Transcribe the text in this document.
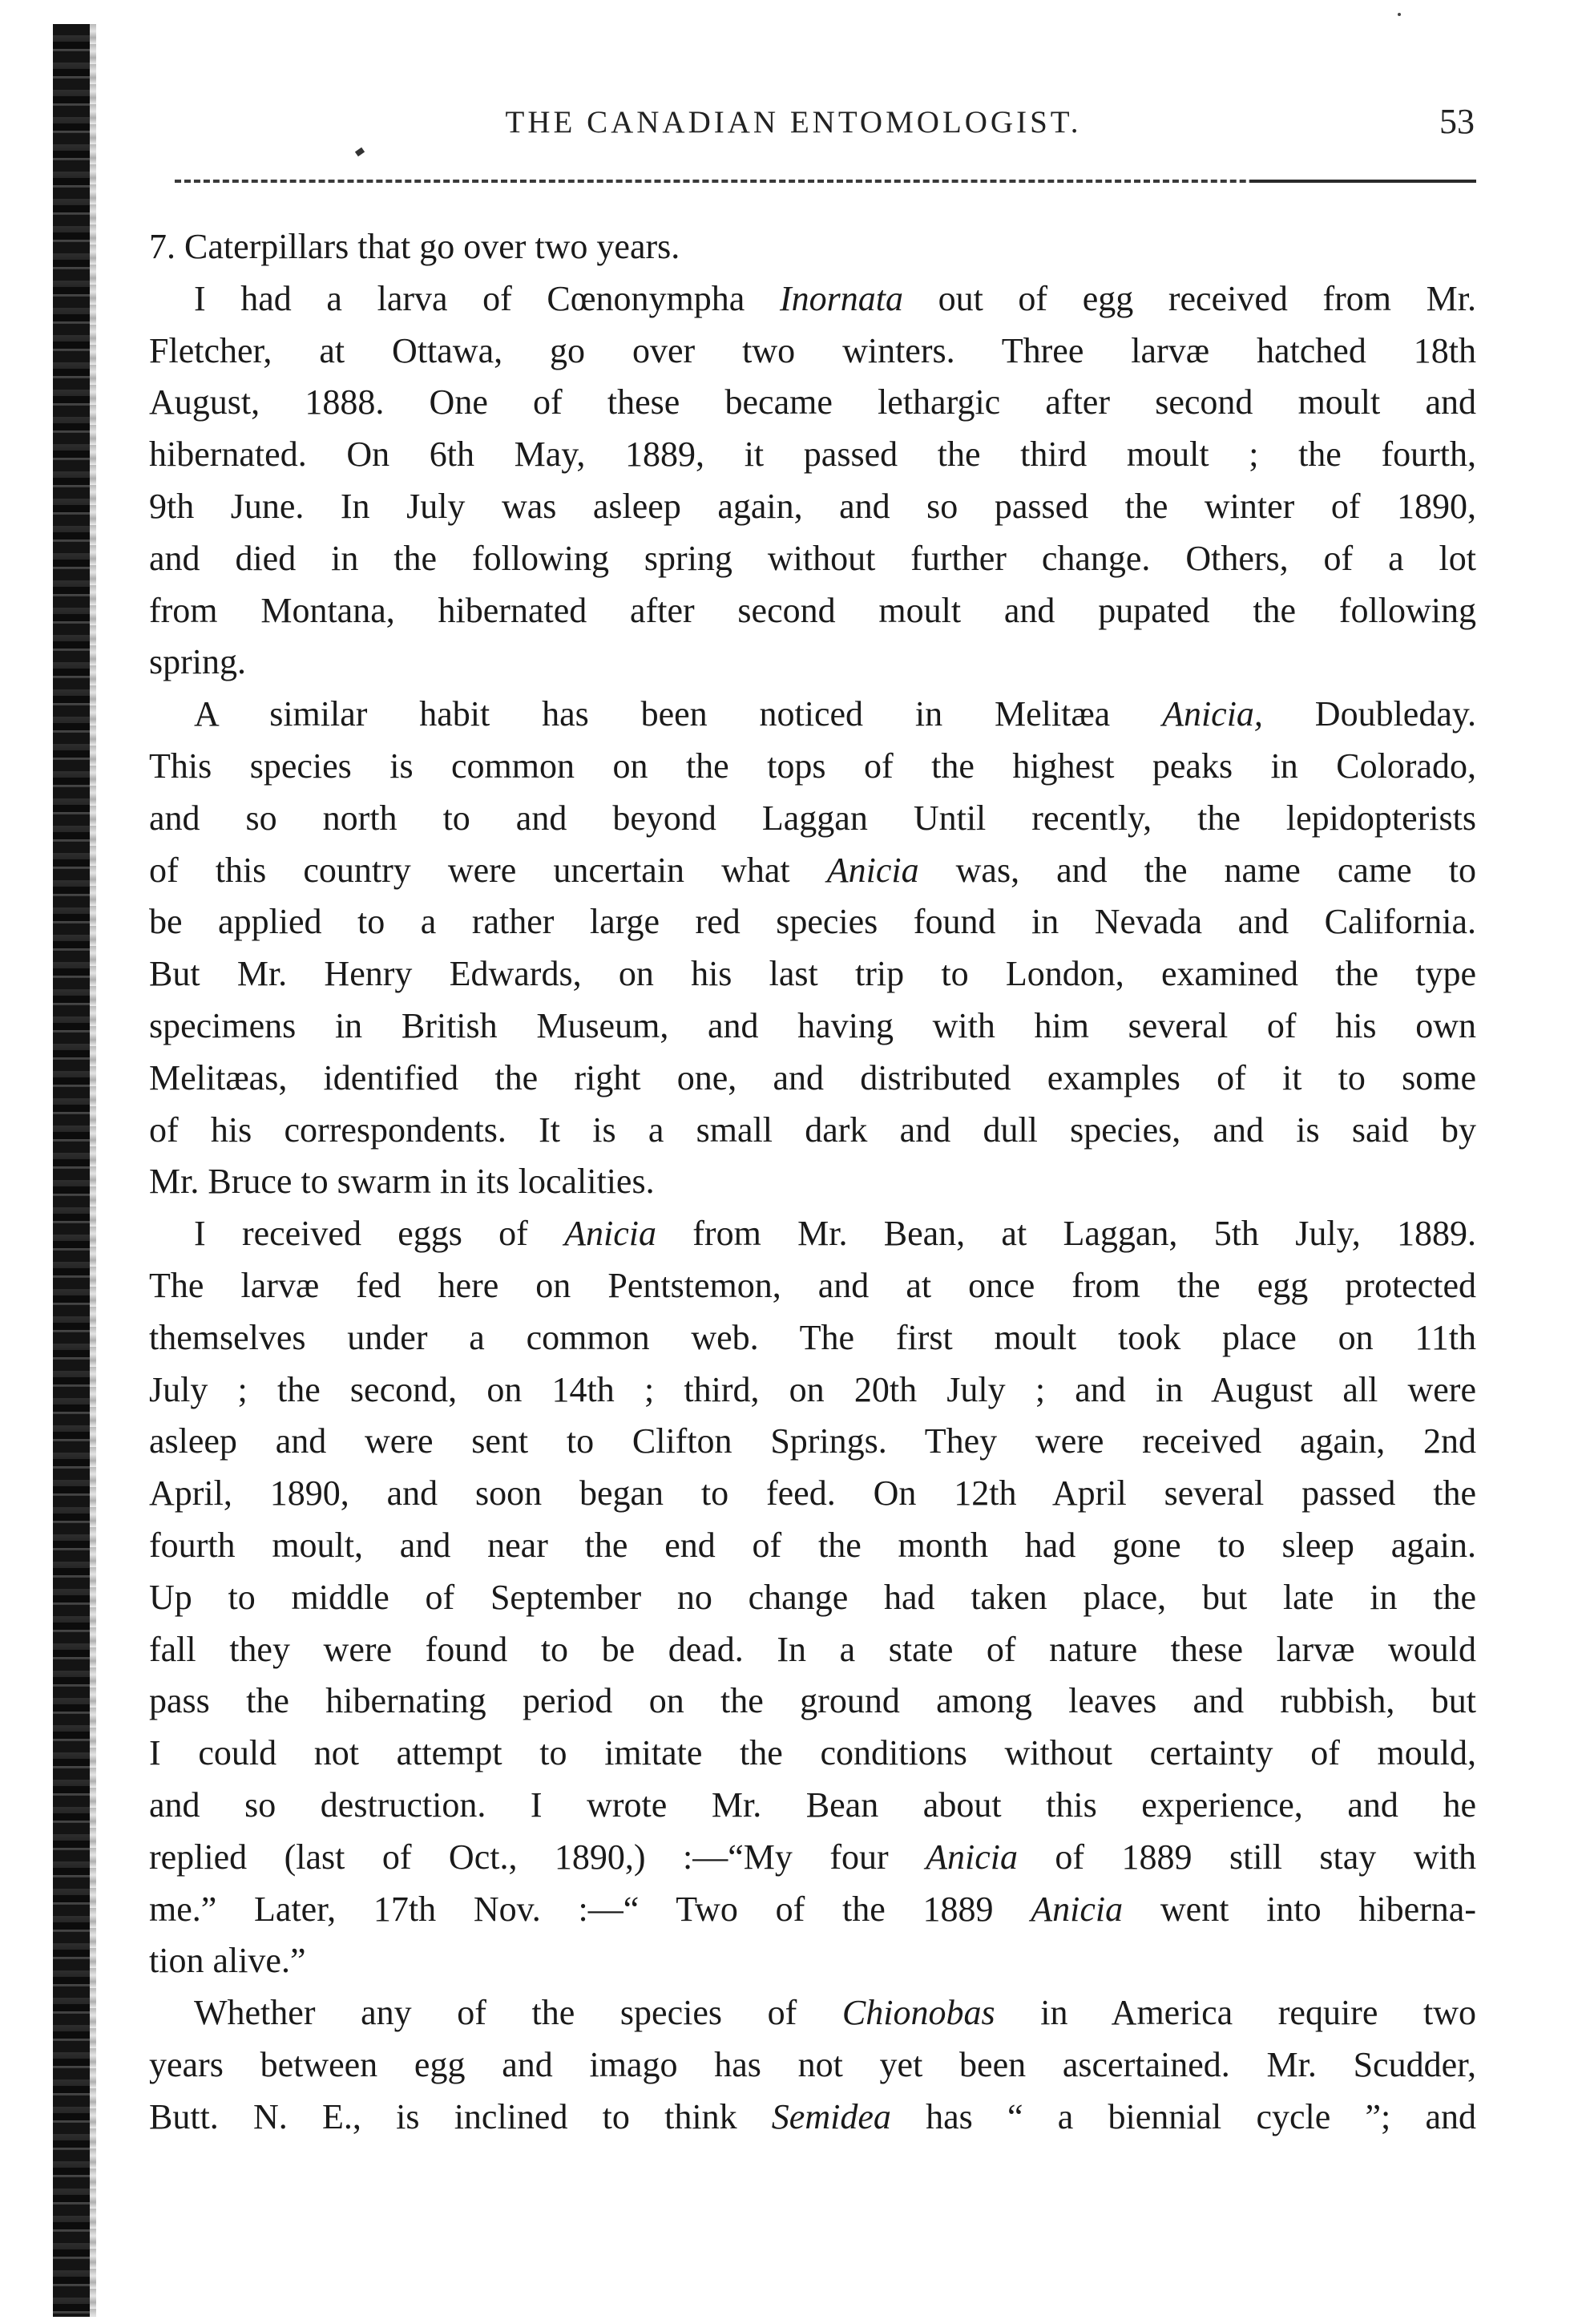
THE CANADIAN ENTOMOLOGIST.	53
7. Caterpillars that go over two years.
I had a larva of Cœnonympha Inornata out of egg received from Mr.
Fletcher, at Ottawa, go over two winters. Three larvæ hatched 18th
August, 1888. One of these became lethargic after second moult and
hibernated. On 6th May, 1889, it passed the third moult ; the fourth,
9th June. In July was asleep again, and so passed the winter of 1890,
and died in the following spring without further change. Others, of a lot
from Montana, hibernated after second moult and pupated the following
spring.
A similar habit has been noticed in Melitæa Anicia, Doubleday.
This species is common on the tops of the highest peaks in Colorado,
and so north to and beyond Laggan Until recently, the lepidopterists
of this country were uncertain what Anicia was, and the name came to
be applied to a rather large red species found in Nevada and California.
But Mr. Henry Edwards, on his last trip to London, examined the type
specimens in British Museum, and having with him several of his own
Melitæas, identified the right one, and distributed examples of it to some
of his correspondents. It is a small dark and dull species, and is said by
Mr. Bruce to swarm in its localities.
I received eggs of Anicia from Mr. Bean, at Laggan, 5th July, 1889.
The larvæ fed here on Pentstemon, and at once from the egg protected
themselves under a common web. The first moult took place on 11th
July ; the second, on 14th ; third, on 20th July ; and in August all were
asleep and were sent to Clifton Springs. They were received again, 2nd
April, 1890, and soon began to feed. On 12th April several passed the
fourth moult, and near the end of the month had gone to sleep again.
Up to middle of September no change had taken place, but late in the
fall they were found to be dead. In a state of nature these larvæ would
pass the hibernating period on the ground among leaves and rubbish, but
I could not attempt to imitate the conditions without certainty of mould,
and so destruction. I wrote Mr. Bean about this experience, and he
replied (last of Oct., 1890,) :—“My four Anicia of 1889 still stay with
me.” Later, 17th Nov. :—“ Two of the 1889 Anicia went into hiberna-
tion alive.”
Whether any of the species of Chionobas in America require two
years between egg and imago has not yet been ascertained. Mr. Scudder,
Butt. N. E., is inclined to think Semidea has “ a biennial cycle ”; and
